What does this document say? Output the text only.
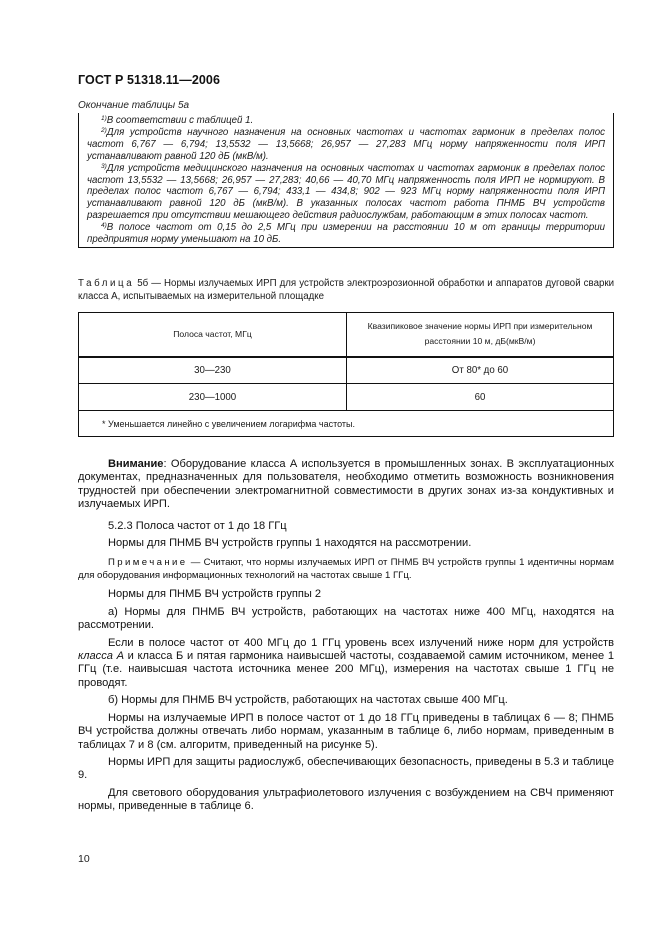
ГОСТ Р 51318.11—2006
Окончание таблицы 5а

$^{1)}$В соответствии с таблицей 1.

$^{2)}$Для устройств научного назначения на основных частотах и частотах гармоник в пределах полос частот 6,767 — 6,794; 13,5532 — 13,5668; 26,957 — 27,283 МГц норму напряженности поля ИРП устанавливают равной 120 дБ (мкВ/м).

$^{3)}$Для устройств медицинского назначения на основных частотах и частотах гармоник в пределах полос частот 13,5532 — 13,5668; 26,957 — 27,283; 40,66 — 40,70 МГц напряженность поля ИРП не нормируют. В пределах полос частот 6,767 — 6,794; 433,1 — 434,8; 902 — 923 МГц норму напряженности поля ИРП устанавливают равной 120 дБ (мкВ/м). В указанных полосах частот работа ПНМБ ВЧ устройств разрешается при отсутствии мешающего действия радиослужбам, работающим в этих полосах частот.

$^{4)}$В полосе частот от 0,15 до 2,5 МГц при измерении на расстоянии 10 м от границы территории предприятия норму уменьшают на 10 дБ.

Таблица 5б — Нормы излучаемых ИРП для устройств электроэрозионной обработки и аппаратов дуговой сварки класса А, испытываемых на измерительной площадке
Полоса частот, МГц	Квазипиковое значение нормы ИРП при измерительном расстоянии 10 м, дБ(мкВ/м)
30—230	От 80* до 60
230—1000	60
* Уменьшается линейно с увеличением логарифма частоты.	

Внимание: Оборудование класса А используется в промышленных зонах. В эксплуатационных документах, предназначенных для пользователя, необходимо отметить возможность возникновения трудностей при обеспечении электромагнитной совместимости в других зонах из-за кондуктивных и излучаемых ИРП.

5.2.3 Полоса частот от 1 до 18 ГГц

Нормы для ПНМБ ВЧ устройств группы 1 находятся на рассмотрении.

Примечание — Считают, что нормы излучаемых ИРП от ПНМБ ВЧ устройств группы 1 идентичны нормам для оборудования информационных технологий на частотах свыше 1 ГГц.

Нормы для ПНМБ ВЧ устройств группы 2

а) Нормы для ПНМБ ВЧ устройств, работающих на частотах ниже 400 МГц, находятся на рассмотрении.

Если в полосе частот от 400 МГц до 1 ГГц уровень всех излучений ниже норм для устройств класса А и класса Б и пятая гармоника наивысшей частоты, создаваемой самим источником, менее 1 ГГц (т.е. наивысшая частота источника менее 200 МГц), измерения на частотах свыше 1 ГГц не проводят.

б) Нормы для ПНМБ ВЧ устройств, работающих на частотах свыше 400 МГц.

Нормы на излучаемые ИРП в полосе частот от 1 до 18 ГГц приведены в таблицах 6 — 8; ПНМБ ВЧ устройства должны отвечать либо нормам, указанным в таблице 6, либо нормам, приведенным в таблицах 7 и 8 (см. алгоритм, приведенный на рисунке 5).

Нормы ИРП для защиты радиослужб, обеспечивающих безопасность, приведены в 5.3 и таблице 9.

Для светового оборудования ультрафиолетового излучения с возбуждением на СВЧ применяют нормы, приведенные в таблице 6.

10
